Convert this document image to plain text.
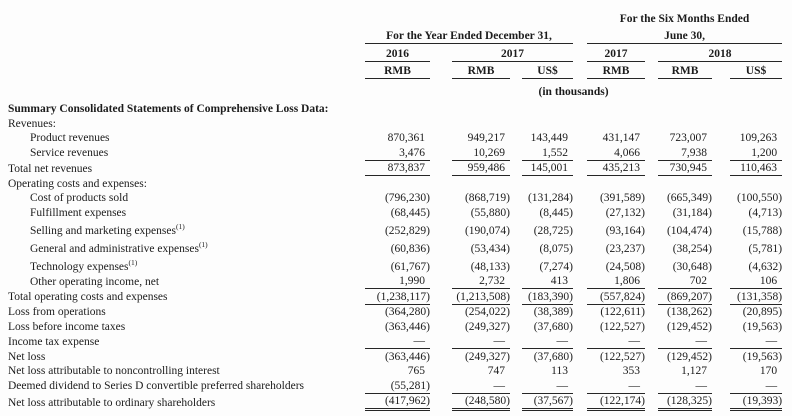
								For the Six Months Ended				
		For the Year Ended December 31,						June 30,				
		2016		2017				2017		2018		
		RMB		RMB		US$		RMB		RMB		US$
		(in thousands)										
Summary Consolidated Statements of Comprehensive Loss Data:												
Revenues:												
Product revenues		870,361		949,217		143,449		431,147		723,007		109,263
Service revenues		3,476		10,269		1,552		4,066		7,938		1,200
Total net revenues		873,837		959,486		145,001		435,213		730,945		110,463
Operating costs and expenses:												
Cost of products sold		(796,230)		(868,719)		(131,284)		(391,589)		(665,349)		(100,550)
Fulfillment expenses		(68,445)		(55,880)		(8,445)		(27,132)		(31,184)		(4,713)
Selling and marketing expenses$^{(1)}$		(252,829)		(190,074)		(28,725)		(93,164)		(104,474)		(15,788)
General and administrative expenses$^{(1)}$		(60,836)		(53,434)		(8,075)		(23,237)		(38,254)		(5,781)
Technology expenses$^{(1)}$		(61,767)		(48,133)		(7,274)		(24,508)		(30,648)		(4,632)
Other operating income, net		1,990		2,732		413		1,806		702		106
Total operating costs and expenses		(1,238,117)		(1,213,508)		(183,390)		(557,824)		(869,207)		(131,358)
Loss from operations		(364,280)		(254,022)		(38,389)		(122,611)		(138,262)		(20,895)
Loss before income taxes		(363,446)		(249,327)		(37,680)		(122,527)		(129,452)		(19,563)
Income tax expense		—		—		—		—		—		—
Net loss		(363,446)		(249,327)		(37,680)		(122,527)		(129,452)		(19,563)
Net loss attributable to noncontrolling interest		765		747		113		353		1,127		170
Deemed dividend to Series D convertible preferred shareholders		(55,281)		—		—		—		—		—
Net loss attributable to ordinary shareholders		(417,962)		(248,580)		(37,567)		(122,174)		(128,325)		(19,393)
